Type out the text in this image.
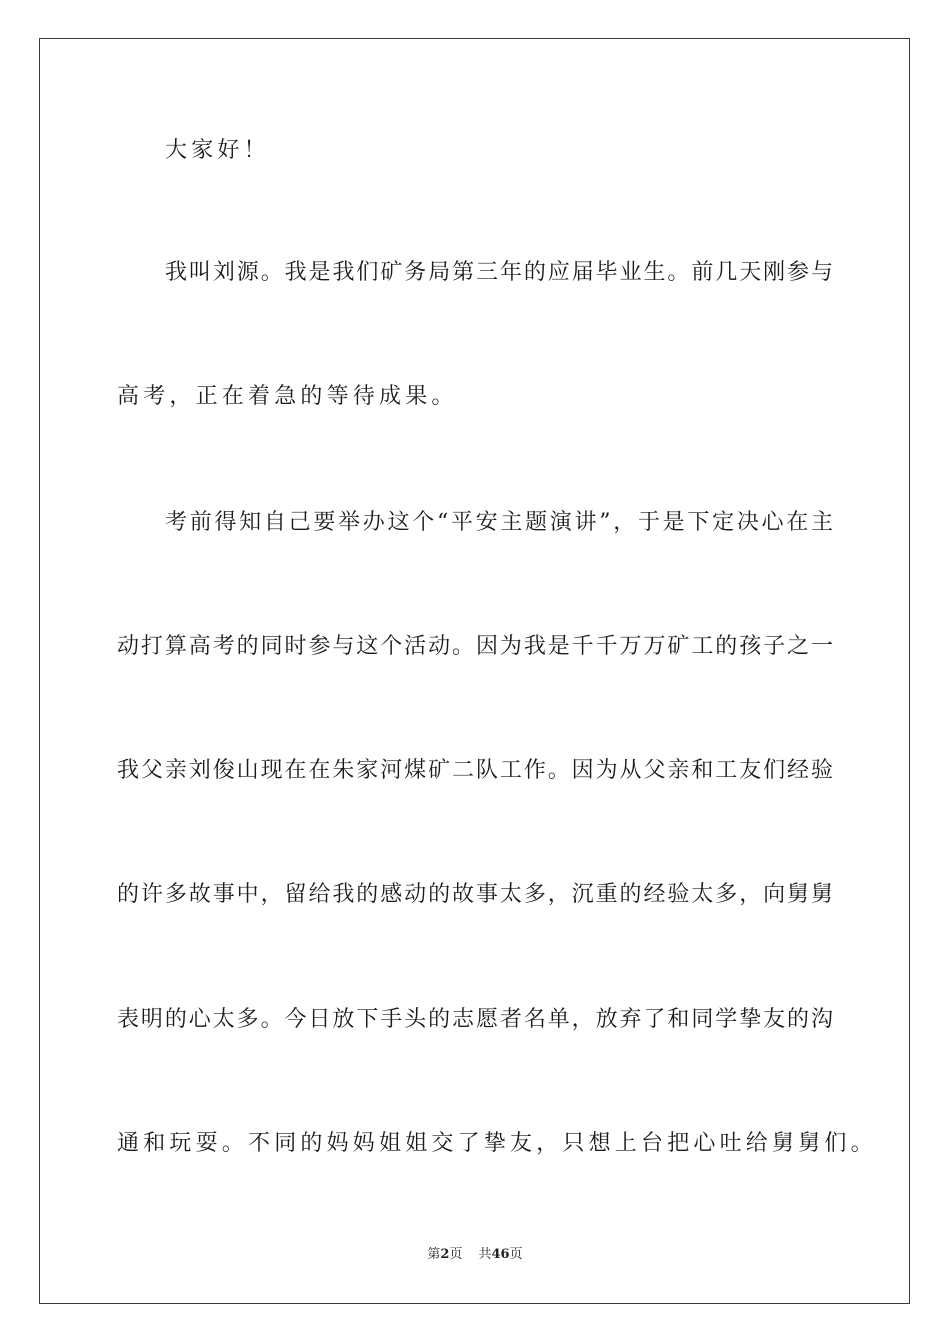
大家好！
我叫刘源。我是我们矿务局第三年的应届毕业生。前几天刚参与
高考，正在着急的等待成果。
考前得知自己要举办这个“平安主题演讲”，于是下定决心在主
动打算高考的同时参与这个活动。因为我是千千万万矿工的孩子之一
我父亲刘俊山现在在朱家河煤矿二队工作。因为从父亲和工友们经验
的许多故事中，留给我的感动的故事太多，沉重的经验太多，向舅舅
表明的心太多。今日放下手头的志愿者名单，放弃了和同学挚友的沟
通和玩耍。不同的妈妈姐姐交了挚友，只想上台把心吐给舅舅们。
第2页 共46页
